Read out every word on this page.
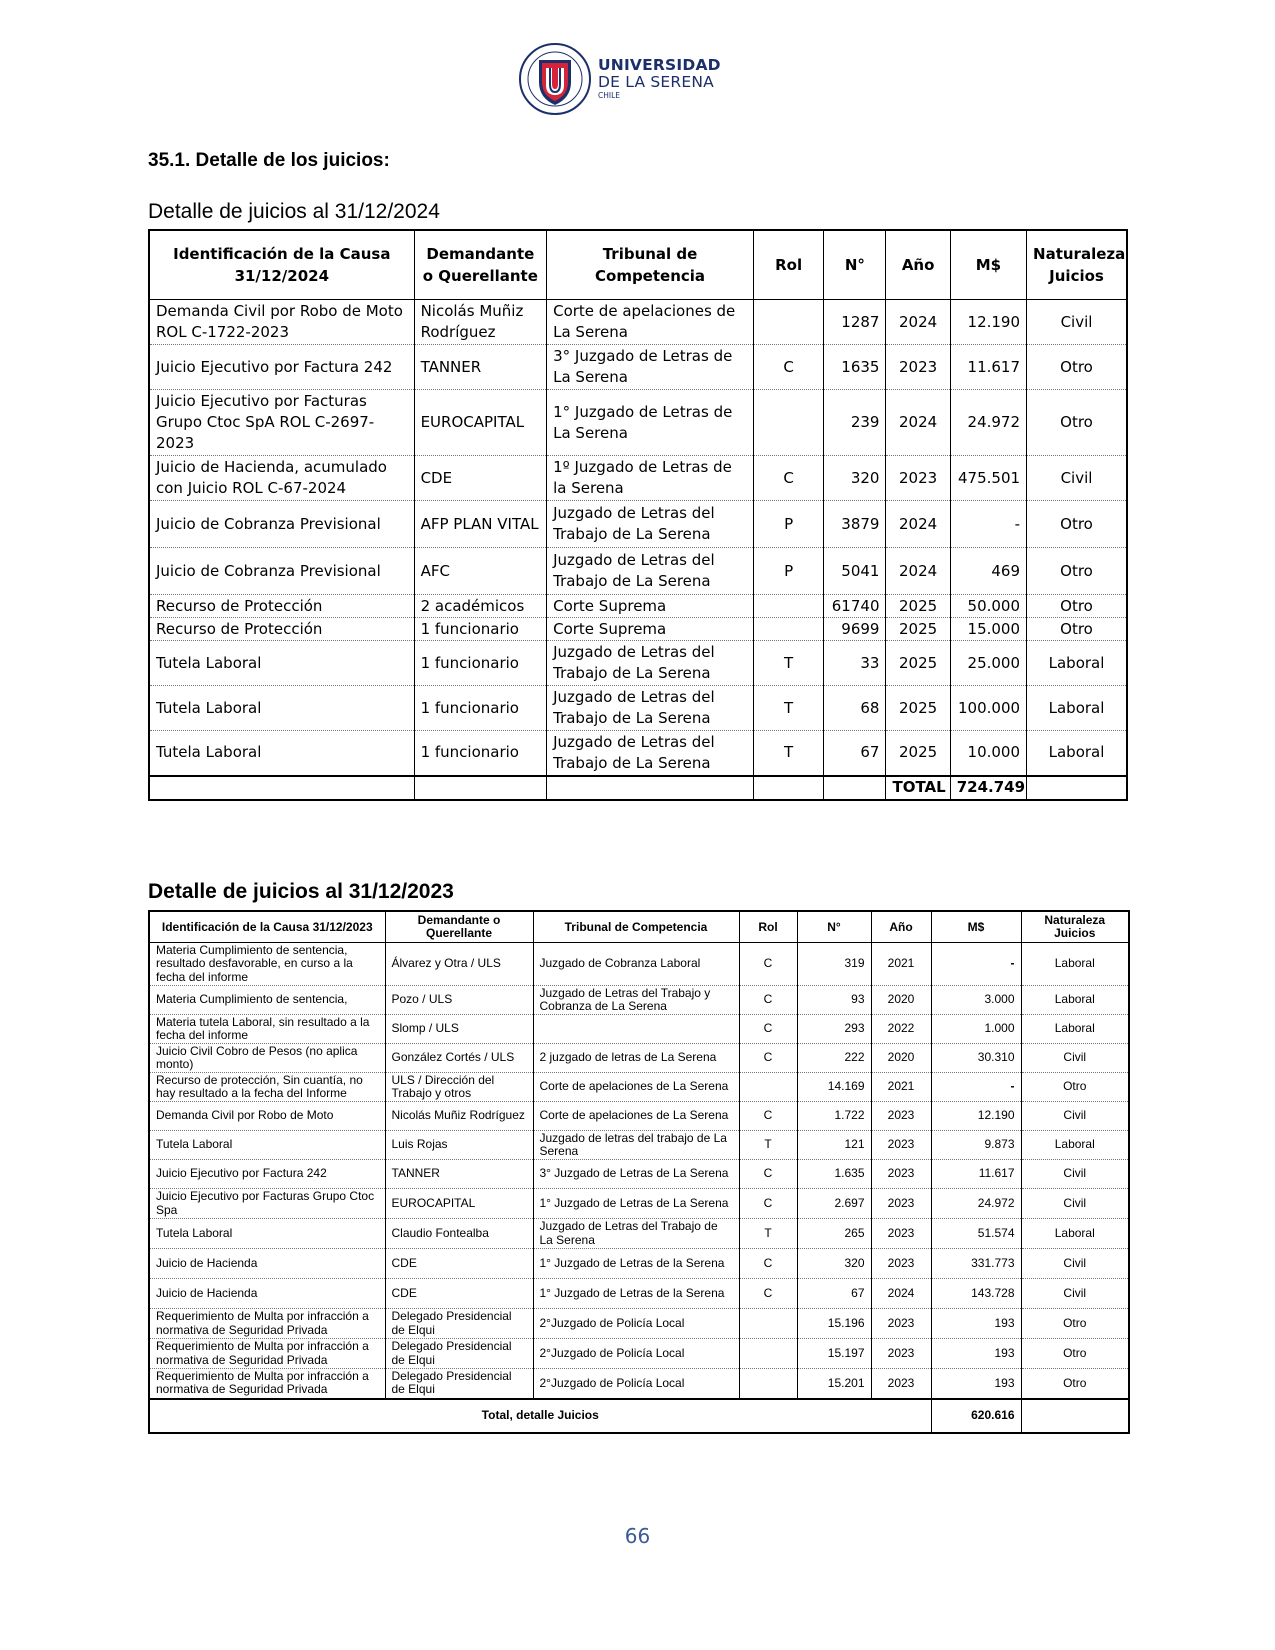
UNIVERSIDAD
DE LA SERENA
CHILE
35.1. Detalle de los juicios:
Detalle de juicios al 31/12/2024
Identificación de la Causa 31/12/2024	Demandante o Querellante	Tribunal de Competencia	Rol	N°	Año	M$	Naturaleza Juicios
Demanda Civil por Robo de Moto ROL C-1722-2023	Nicolás Muñiz Rodríguez	Corte de apelaciones de La Serena		1287	2024	12.190	Civil
Juicio Ejecutivo por Factura 242	TANNER	3° Juzgado de Letras de La Serena	C	1635	2023	11.617	Otro
Juicio Ejecutivo por Facturas Grupo Ctoc SpA ROL C-2697-2023	EUROCAPITAL	1° Juzgado de Letras de La Serena		239	2024	24.972	Otro
Juicio de Hacienda, acumulado con Juicio ROL C-67-2024	CDE	1º Juzgado de Letras de la Serena	C	320	2023	475.501	Civil
Juicio de Cobranza Previsional	AFP PLAN VITAL	Juzgado de Letras del Trabajo de La Serena	P	3879	2024	-	Otro
Juicio de Cobranza Previsional	AFC	Juzgado de Letras del Trabajo de La Serena	P	5041	2024	469	Otro
Recurso de Protección	2 académicos	Corte Suprema		61740	2025	50.000	Otro
Recurso de Protección	1 funcionario	Corte Suprema		9699	2025	15.000	Otro
Tutela Laboral	1 funcionario	Juzgado de Letras del Trabajo de La Serena	T	33	2025	25.000	Laboral
Tutela Laboral	1 funcionario	Juzgado de Letras del Trabajo de La Serena	T	68	2025	100.000	Laboral
Tutela Laboral	1 funcionario	Juzgado de Letras del Trabajo de La Serena	T	67	2025	10.000	Laboral
					TOTAL	724.749	
Detalle de juicios al 31/12/2023
Identificación de la Causa 31/12/2023	Demandante o Querellante	Tribunal de Competencia	Rol	N°	Año	M$	Naturaleza Juicios
Materia Cumplimiento de sentencia, resultado desfavorable, en curso a la fecha del informe	Álvarez y Otra / ULS	Juzgado de Cobranza Laboral	C	319	2021	-	Laboral
Materia Cumplimiento de sentencia,	Pozo / ULS	Juzgado de Letras del Trabajo y Cobranza de La Serena	C	93	2020	3.000	Laboral
Materia tutela Laboral, sin resultado a la fecha del informe	Slomp / ULS		C	293	2022	1.000	Laboral
Juicio Civil Cobro de Pesos (no aplica monto)	González Cortés / ULS	2 juzgado de letras de La Serena	C	222	2020	30.310	Civil
Recurso de protección, Sin cuantía, no hay resultado a la fecha del Informe	ULS / Dirección del Trabajo y otros	Corte de apelaciones de La Serena		14.169	2021	-	Otro
Demanda Civil por Robo de Moto	Nicolás Muñiz Rodríguez	Corte de apelaciones de La Serena	C	1.722	2023	12.190	Civil
Tutela Laboral	Luis Rojas	Juzgado de letras del trabajo de La Serena	T	121	2023	9.873	Laboral
Juicio Ejecutivo por Factura 242	TANNER	3° Juzgado de Letras de La Serena	C	1.635	2023	11.617	Civil
Juicio Ejecutivo por Facturas Grupo Ctoc Spa	EUROCAPITAL	1° Juzgado de Letras de La Serena	C	2.697	2023	24.972	Civil
Tutela Laboral	Claudio Fontealba	Juzgado de Letras del Trabajo de La Serena	T	265	2023	51.574	Laboral
Juicio de Hacienda	CDE	1° Juzgado de Letras de la Serena	C	320	2023	331.773	Civil
Juicio de Hacienda	CDE	1° Juzgado de Letras de la Serena	C	67	2024	143.728	Civil
Requerimiento de Multa por infracción a normativa de Seguridad Privada	Delegado Presidencial de Elqui	2°Juzgado de Policía Local		15.196	2023	193	Otro
Requerimiento de Multa por infracción a normativa de Seguridad Privada	Delegado Presidencial de Elqui	2°Juzgado de Policía Local		15.197	2023	193	Otro
Requerimiento de Multa por infracción a normativa de Seguridad Privada	Delegado Presidencial de Elqui	2°Juzgado de Policía Local		15.201	2023	193	Otro
Total, detalle Juicios						620.616	
66
